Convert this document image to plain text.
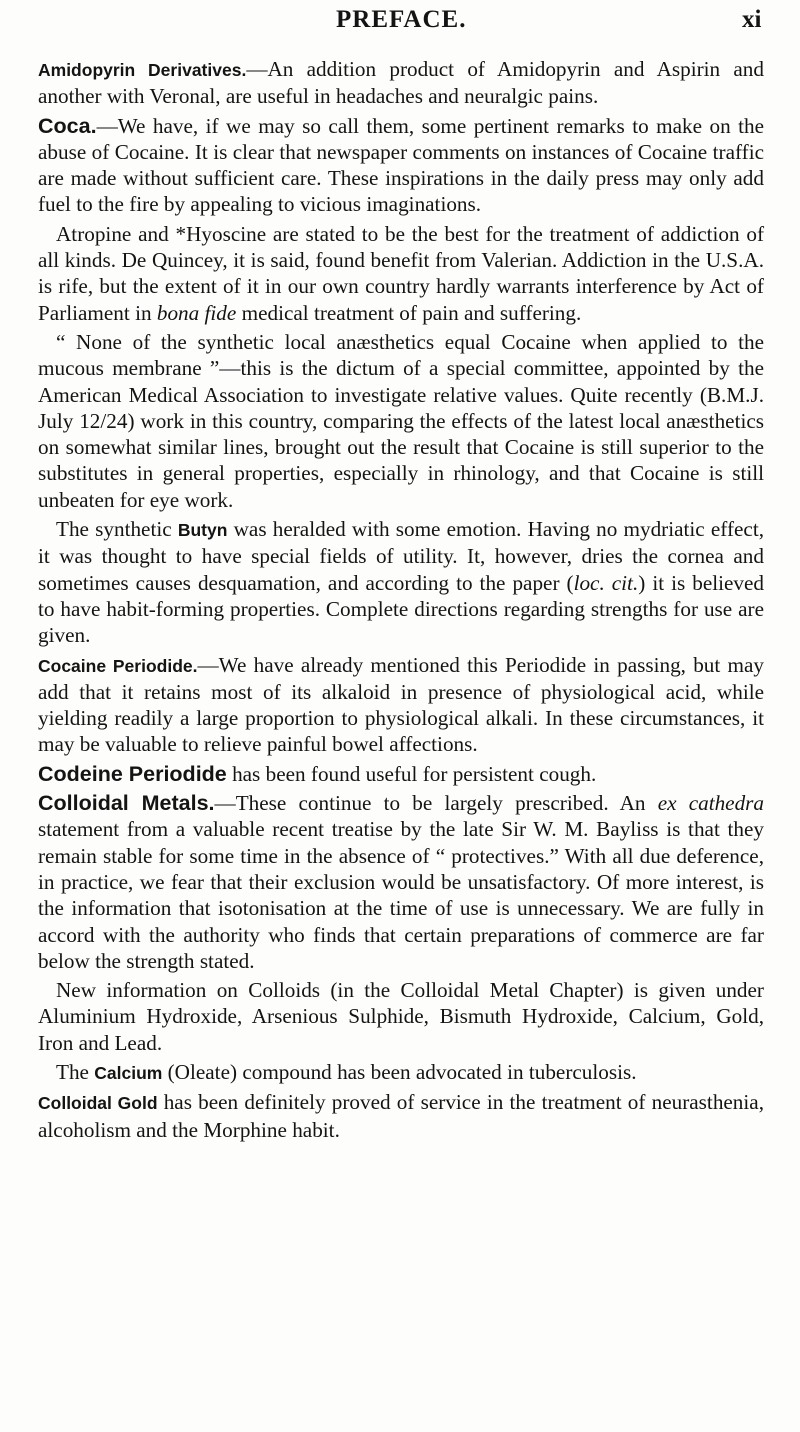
PREFACE.	xi

Amidopyrin Derivatives.—An addition product of Amidopyrin and Aspirin and another with Veronal, are useful in headaches and neuralgic pains.

Coca.—We have, if we may so call them, some pertinent remarks to make on the abuse of Cocaine. It is clear that newspaper comments on instances of Cocaine traffic are made without sufficient care. These inspirations in the daily press may only add fuel to the fire by appealing to vicious imaginations.

Atropine and *Hyoscine are stated to be the best for the treatment of addiction of all kinds. De Quincey, it is said, found benefit from Valerian. Addiction in the U.S.A. is rife, but the extent of it in our own country hardly warrants interference by Act of Parliament in bona fide medical treatment of pain and suffering.

“ None of the synthetic local anæsthetics equal Cocaine when applied to the mucous membrane ”—this is the dictum of a special committee, appointed by the American Medical Association to investigate relative values. Quite recently (B.M.J. July 12/24) work in this country, comparing the effects of the latest local anæsthetics on somewhat similar lines, brought out the result that Cocaine is still superior to the substitutes in general properties, especially in rhinology, and that Cocaine is still unbeaten for eye work.

The synthetic Butyn was heralded with some emotion. Having no mydriatic effect, it was thought to have special fields of utility. It, however, dries the cornea and sometimes causes desquamation, and according to the paper (loc. cit.) it is believed to have habit-forming properties. Complete directions regarding strengths for use are given.

Cocaine Periodide.—We have already mentioned this Periodide in passing, but may add that it retains most of its alkaloid in presence of physiological acid, while yielding readily a large proportion to physiological alkali. In these circumstances, it may be valuable to relieve painful bowel affections.

Codeine Periodide has been found useful for persistent cough.

Colloidal Metals.—These continue to be largely prescribed. An ex cathedra statement from a valuable recent treatise by the late Sir W. M. Bayliss is that they remain stable for some time in the absence of “ protectives.” With all due deference, in practice, we fear that their exclusion would be unsatisfactory. Of more interest, is the information that isotonisation at the time of use is unnecessary. We are fully in accord with the authority who finds that certain preparations of commerce are far below the strength stated.

New information on Colloids (in the Colloidal Metal Chapter) is given under Aluminium Hydroxide, Arsenious Sulphide, Bismuth Hydroxide, Calcium, Gold, Iron and Lead.

The Calcium (Oleate) compound has been advocated in tuberculosis.

Colloidal Gold has been definitely proved of service in the treatment of neurasthenia, alcoholism and the Morphine habit.
